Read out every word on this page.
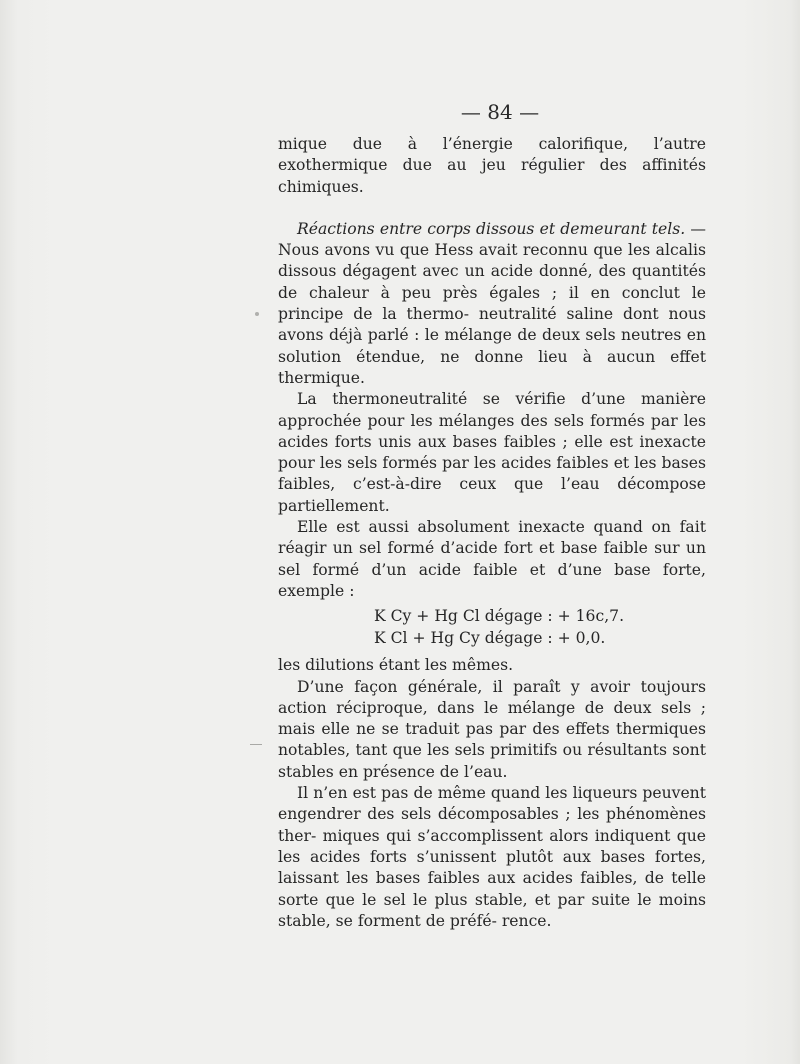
— 84 —

mique due à l’énergie calorifique, l’autre exothermique due au jeu régulier des affinités chimiques.

Réactions entre corps dissous et demeurant tels. — Nous avons vu que Hess avait reconnu que les alcalis dissous dégagent avec un acide donné, des quantités de chaleur à peu près égales ; il en conclut le principe de la thermo- neutralité saline dont nous avons déjà parlé : le mélange de deux sels neutres en solution étendue, ne donne lieu à aucun effet thermique.

La thermoneutralité se vérifie d’une manière approchée pour les mélanges des sels formés par les acides forts unis aux bases faibles ; elle est inexacte pour les sels formés par les acides faibles et les bases faibles, c’est-à-dire ceux que l’eau décompose partiellement.

Elle est aussi absolument inexacte quand on fait réagir un sel formé d’acide fort et base faible sur un sel formé d’un acide faible et d’une base forte, exemple :

K Cy + Hg Cl dégage : + 16c,7.
K Cl + Hg Cy dégage : + 0,0.

les dilutions étant les mêmes.

D’une façon générale, il paraît y avoir toujours action réciproque, dans le mélange de deux sels ; mais elle ne se traduit pas par des effets thermiques notables, tant que les sels primitifs ou résultants sont stables en présence de l’eau.

Il n’en est pas de même quand les liqueurs peuvent engendrer des sels décomposables ; les phénomènes ther- miques qui s’accomplissent alors indiquent que les acides forts s’unissent plutôt aux bases fortes, laissant les bases faibles aux acides faibles, de telle sorte que le sel le plus stable, et par suite le moins stable, se forment de préfé- rence.
